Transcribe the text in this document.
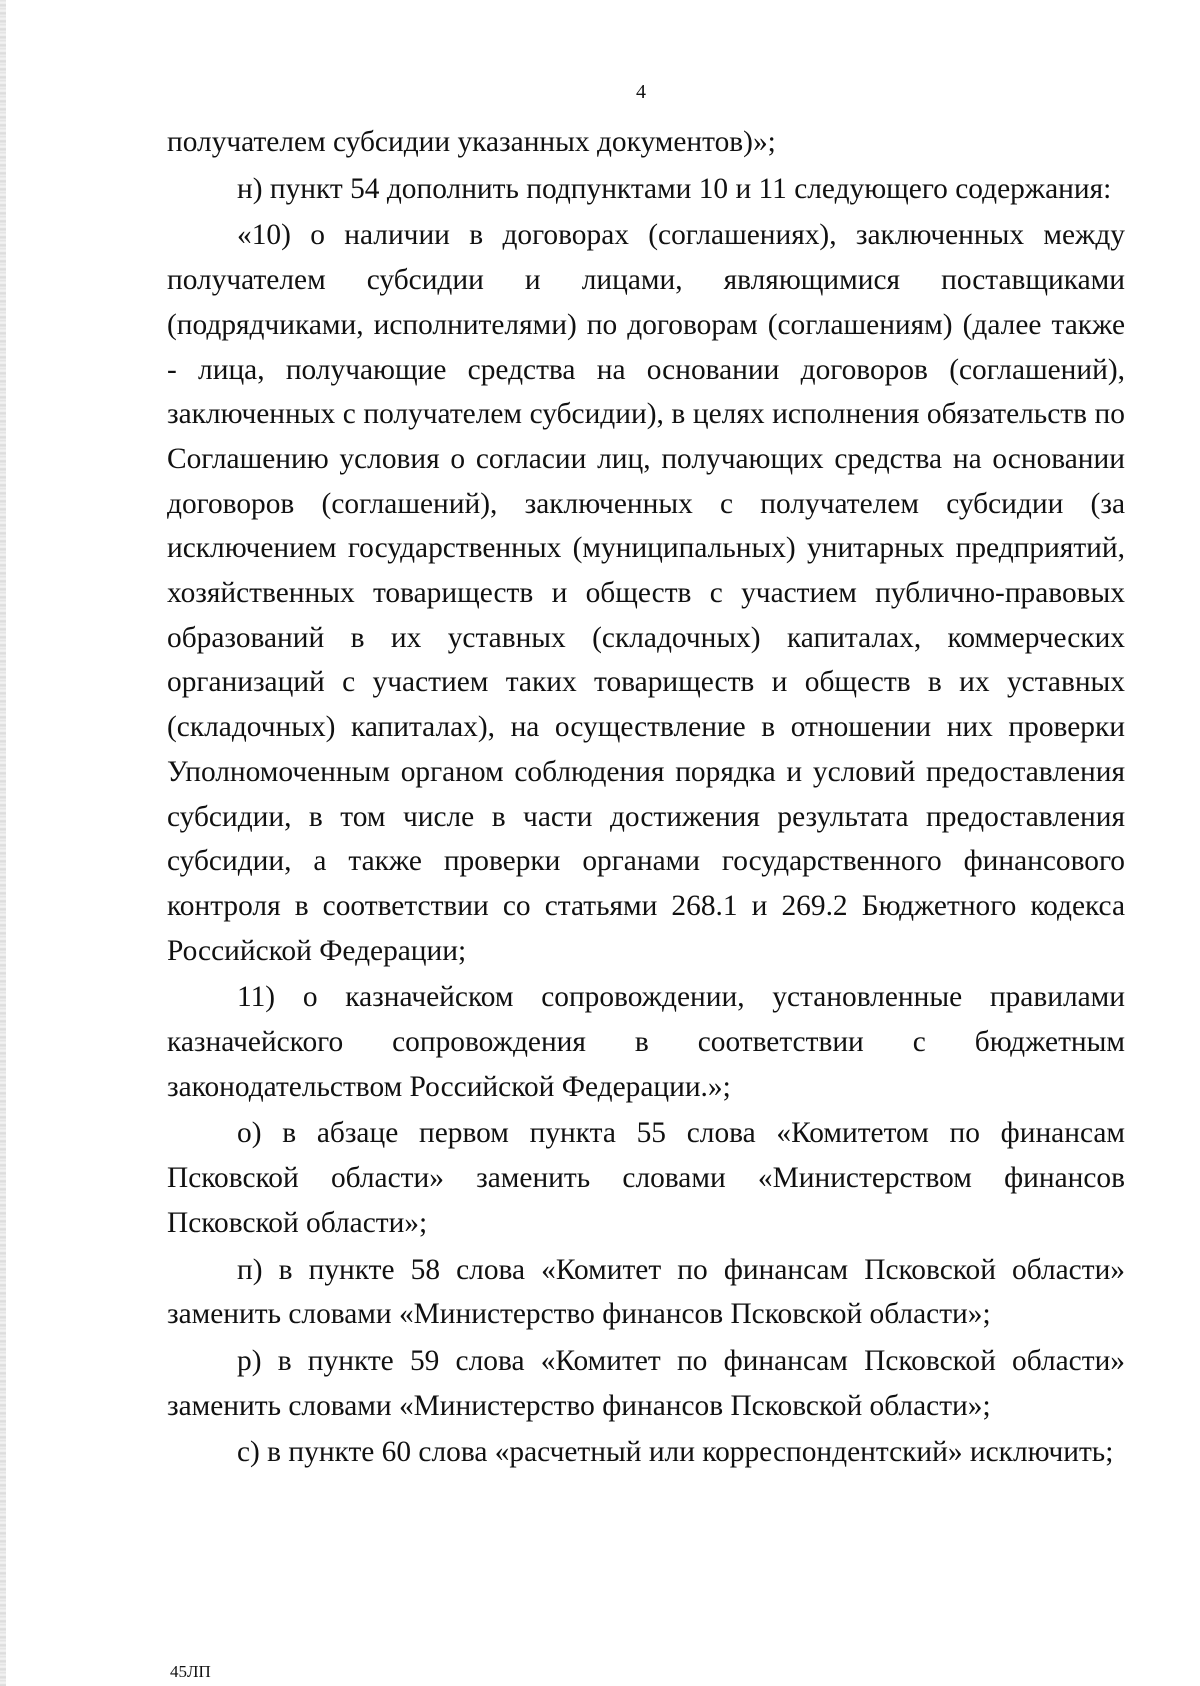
4

получателем субсидии указанных документов)»;

н) пункт 54 дополнить подпунктами 10 и 11 следующего содержания:

«10) о наличии в договорах (соглашениях), заключенных между получателем субсидии и лицами, являющимися поставщиками (подрядчиками, исполнителями) по договорам (соглашениям) (далее также - лица, получающие средства на основании договоров (соглашений), заключенных с получателем субсидии), в целях исполнения обязательств по Соглашению условия о согласии лиц, получающих средства на основании договоров (соглашений), заключенных с получателем субсидии (за исключением государственных (муниципальных) унитарных предприятий, хозяйственных товариществ и обществ с участием публично-правовых образований в их уставных (складочных) капиталах, коммерческих организаций с участием таких товариществ и обществ в их уставных (складочных) капиталах), на осуществление в отношении них проверки Уполномоченным органом соблюдения порядка и условий предоставления субсидии, в том числе в части достижения результата предоставления субсидии, а также проверки органами государственного финансового контроля в соответствии со статьями 268.1 и 269.2 Бюджетного кодекса Российской Федерации;

11) о казначейском сопровождении, установленные правилами казначейского сопровождения в соответствии с бюджетным законодательством Российской Федерации.»;

о) в абзаце первом пункта 55 слова «Комитетом по финансам Псковской области» заменить словами «Министерством финансов Псковской области»;

п) в пункте 58 слова «Комитет по финансам Псковской области» заменить словами «Министерство финансов Псковской области»;

р) в пункте 59 слова «Комитет по финансам Псковской области» заменить словами «Министерство финансов Псковской области»;

с) в пункте 60 слова «расчетный или корреспондентский» исключить;

45ЛП
